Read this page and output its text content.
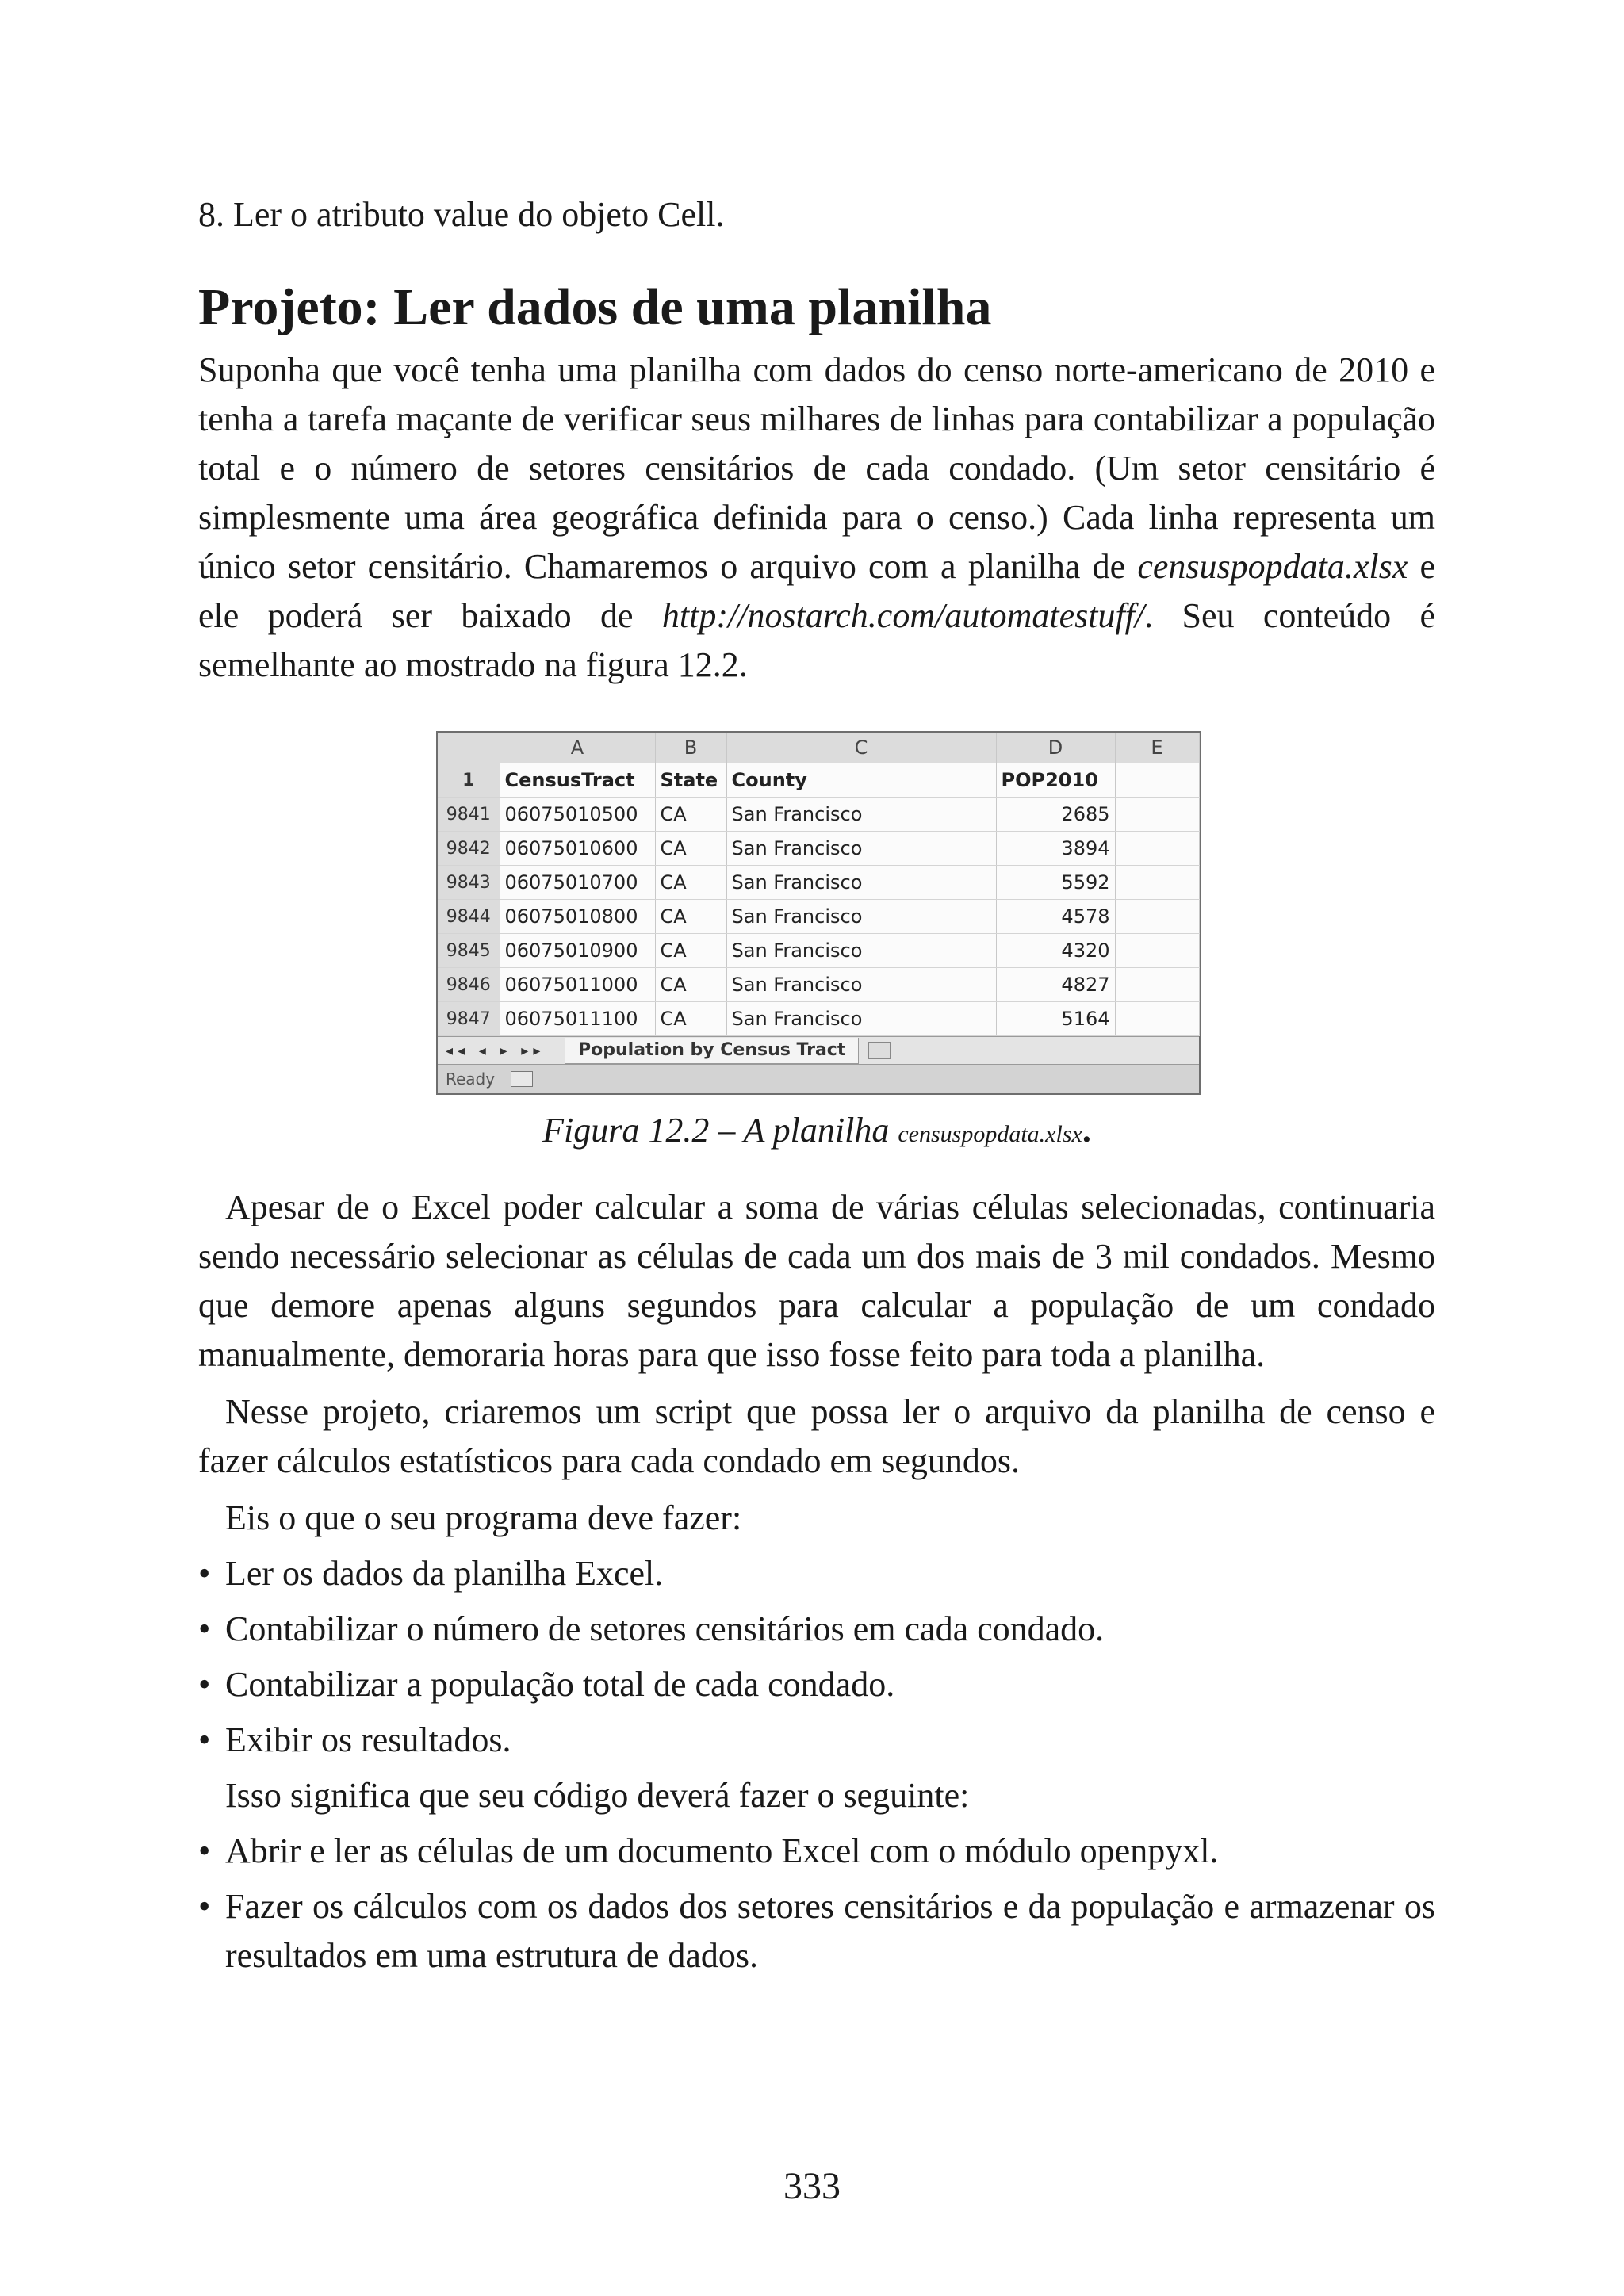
8. Ler o atributo value do objeto Cell.

Projeto: Ler dados de uma planilha

Suponha que você tenha uma planilha com dados do censo norte-americano de 2010 e tenha a tarefa maçante de verificar seus milhares de linhas para contabilizar a população total e o número de setores censitários de cada condado. (Um setor censitário é simplesmente uma área geográfica definida para o censo.) Cada linha representa um único setor censitário. Chamaremos o arquivo com a planilha de censuspopdata.xlsx e ele poderá ser baixado de http://nostarch.com/automatestuff/. Seu conteúdo é semelhante ao mostrado na figura 12.2.

	A	B	C	D	E
1	CensusTract	State	County	POP2010	
9841	06075010500	CA	San Francisco	2685	
9842	06075010600	CA	San Francisco	3894	
9843	06075010700	CA	San Francisco	5592	
9844	06075010800	CA	San Francisco	4578	
9845	06075010900	CA	San Francisco	4320	
9846	06075011000	CA	San Francisco	4827	
9847	06075011100	CA	San Francisco	5164	
◂◂ ◂ ▸ ▸▸	Population by Census Tract
Ready
Figura 12.2 – A planilha censuspopdata.xlsx.

Apesar de o Excel poder calcular a soma de várias células selecionadas, continuaria sendo necessário selecionar as células de cada um dos mais de 3 mil condados. Mesmo que demore apenas alguns segundos para calcular a população de um condado manualmente, demoraria horas para que isso fosse feito para toda a planilha.

Nesse projeto, criaremos um script que possa ler o arquivo da planilha de censo e fazer cálculos estatísticos para cada condado em segundos.

Eis o que o seu programa deve fazer:

• Ler os dados da planilha Excel.
• Contabilizar o número de setores censitários em cada condado.
• Contabilizar a população total de cada condado.
• Exibir os resultados.

Isso significa que seu código deverá fazer o seguinte:

• Abrir e ler as células de um documento Excel com o módulo openpyxl.
• Fazer os cálculos com os dados dos setores censitários e da população e armazenar os resultados em uma estrutura de dados.
333
